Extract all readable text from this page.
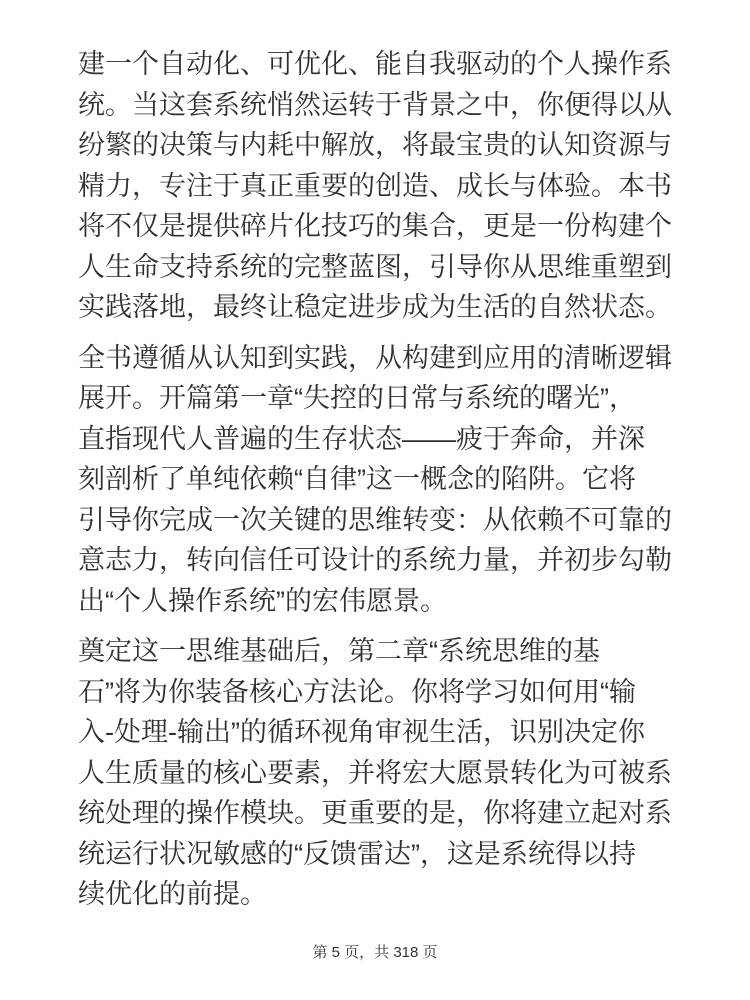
建一个自动化、可优化、能自我驱动的个人操作系
统。当这套系统悄然运转于背景之中，你便得以从
纷繁的决策与内耗中解放，将最宝贵的认知资源与
精力，专注于真正重要的创造、成长与体验。本书
将不仅是提供碎片化技巧的集合，更是一份构建个
人生命支持系统的完整蓝图，引导你从思维重塑到
实践落地，最终让稳定进步成为生活的自然状态。
全书遵循从认知到实践，从构建到应用的清晰逻辑
展开。开篇第一章“失控的日常与系统的曙光”，
直指现代人普遍的生存状态——疲于奔命，并深
刻剖析了单纯依赖“自律”这一概念的陷阱。它将
引导你完成一次关键的思维转变：从依赖不可靠的
意志力，转向信任可设计的系统力量，并初步勾勒
出“个人操作系统”的宏伟愿景。
奠定这一思维基础后，第二章“系统思维的基
石”将为你装备核心方法论。你将学习如何用“输
入-处理-输出”的循环视角审视生活，识别决定你
人生质量的核心要素，并将宏大愿景转化为可被系
统处理的操作模块。更重要的是，你将建立起对系
统运行状况敏感的“反馈雷达”，这是系统得以持
续优化的前提。
第 5 页，共 318 页
